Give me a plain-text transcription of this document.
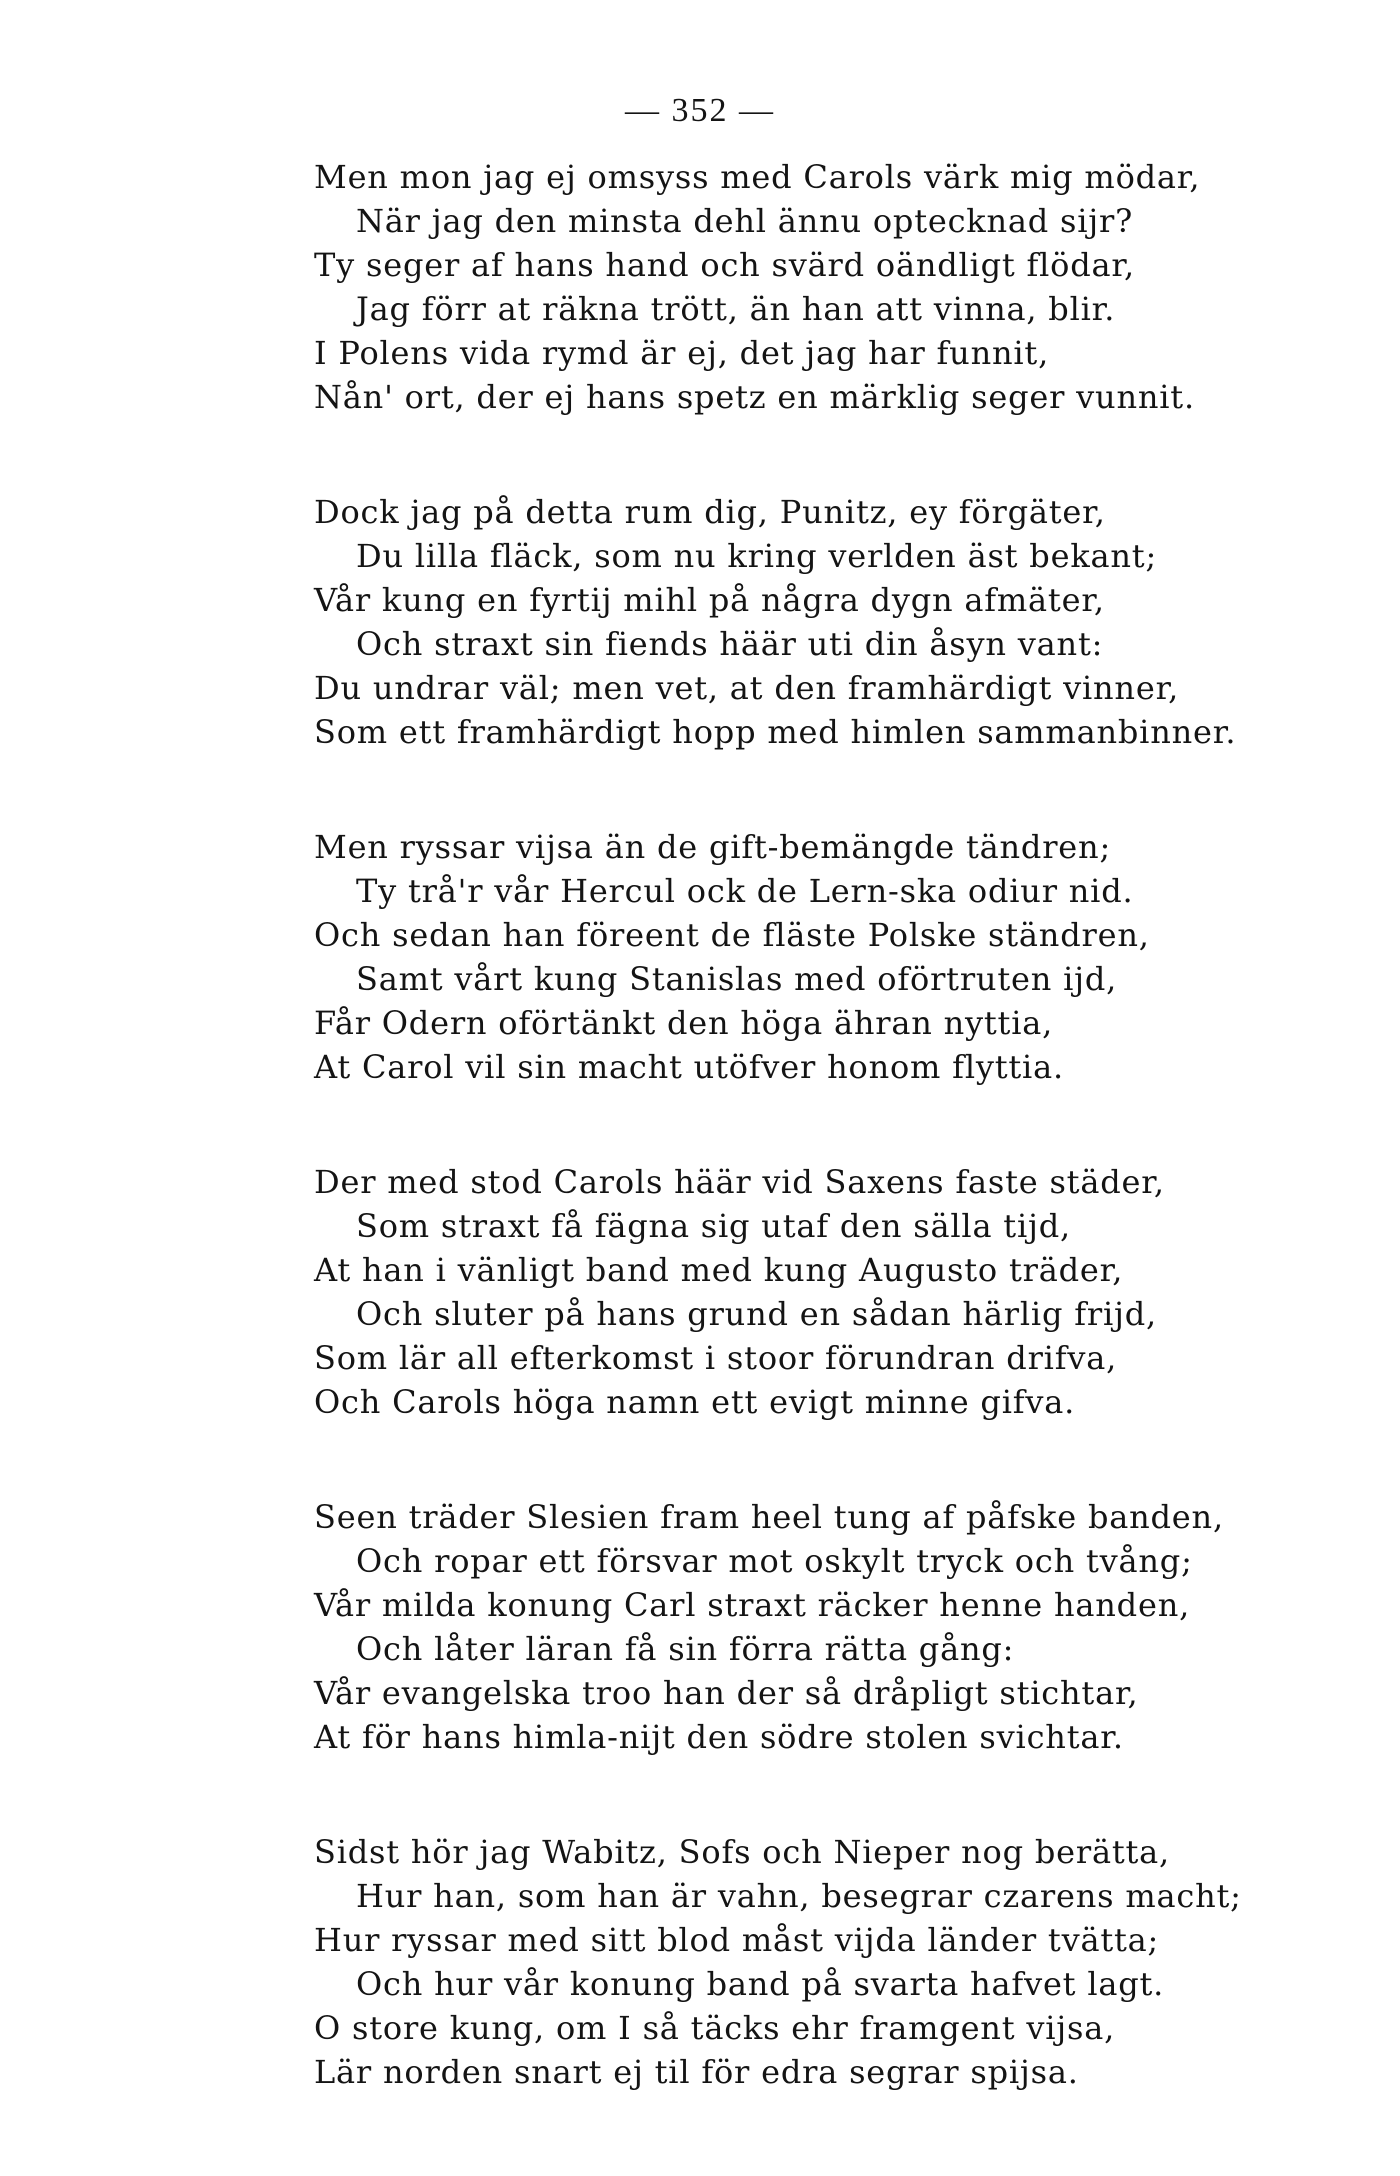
— 352 —
Men mon jag ej omsyss med Carols värk mig mödar,
När jag den minsta dehl ännu optecknad sijr?
Ty seger af hans hand och svärd oändligt flödar,
Jag förr at räkna trött, än han att vinna, blir.
I Polens vida rymd är ej, det jag har funnit,
Nån' ort, der ej hans spetz en märklig seger vunnit.
Dock jag på detta rum dig, Punitz, ey förgäter,
Du lilla fläck, som nu kring verlden äst bekant;
Vår kung en fyrtij mihl på några dygn afmäter,
Och straxt sin fiends häär uti din åsyn vant:
Du undrar väl; men vet, at den framhärdigt vinner,
Som ett framhärdigt hopp med himlen sammanbinner.
Men ryssar vijsa än de gift-bemängde tändren;
Ty trå'r vår Hercul ock de Lern-ska odiur nid.
Och sedan han föreent de fläste Polske ständren,
Samt vårt kung Stanislas med oförtruten ijd,
Får Odern oförtänkt den höga ähran nyttia,
At Carol vil sin macht utöfver honom flyttia.
Der med stod Carols häär vid Saxens faste städer,
Som straxt få fägna sig utaf den sälla tijd,
At han i vänligt band med kung Augusto träder,
Och sluter på hans grund en sådan härlig frijd,
Som lär all efterkomst i stoor förundran drifva,
Och Carols höga namn ett evigt minne gifva.
Seen träder Slesien fram heel tung af påfske banden,
Och ropar ett försvar mot oskylt tryck och tvång;
Vår milda konung Carl straxt räcker henne handen,
Och låter läran få sin förra rätta gång:
Vår evangelska troo han der så dråpligt stichtar,
At för hans himla-nijt den södre stolen svichtar.
Sidst hör jag Wabitz, Sofs och Nieper nog berätta,
Hur han, som han är vahn, besegrar czarens macht;
Hur ryssar med sitt blod måst vijda länder tvätta;
Och hur vår konung band på svarta hafvet lagt.
O store kung, om I så täcks ehr framgent vijsa,
Lär norden snart ej til för edra segrar spijsa.
